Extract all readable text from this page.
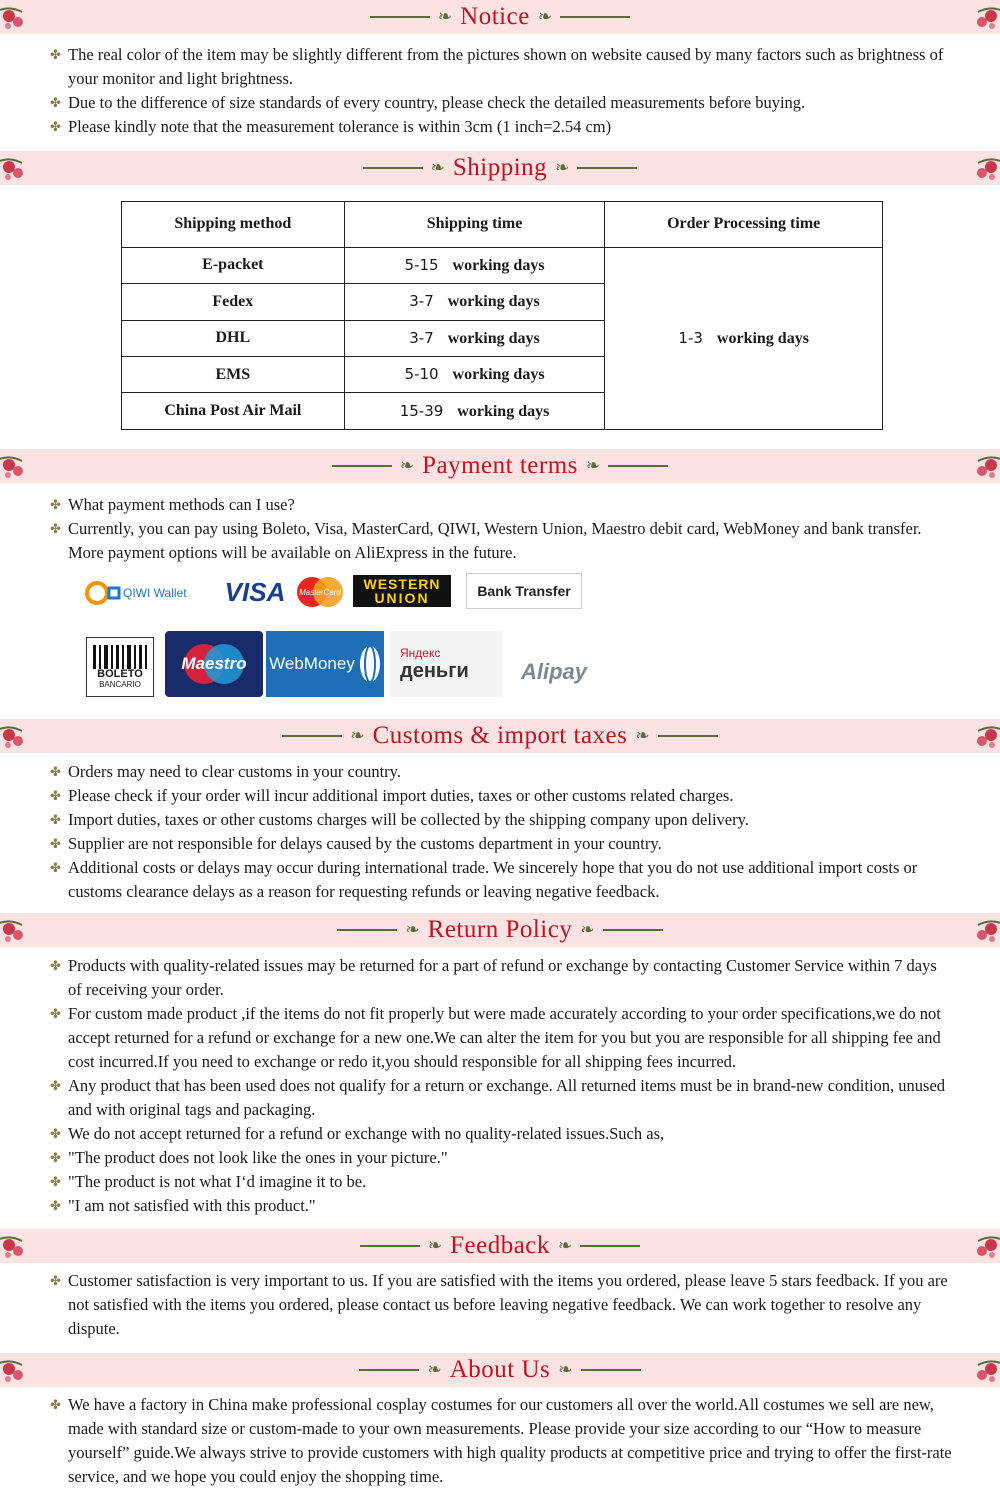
❧ Notice ❧
✤ The real color of the item may be slightly different from the pictures shown on website caused by many factors such as brightness of your monitor and light brightness.
✤ Due to the difference of size standards of every country, please check the detailed measurements before buying.
✤ Please kindly note that the measurement tolerance is within 3cm (1 inch=2.54 cm)
❧ Shipping ❧
Shipping method	Shipping time	Order Processing time
E-packet	5-15 working days	1-3 working days
Fedex	3-7 working days	
DHL	3-7 working days	
EMS	5-10 working days	
China Post Air Mail	15-39 working days	
❧ Payment terms ❧
✤ What payment methods can I use?
✤ Currently, you can pay using Boleto, Visa, MasterCard, QIWI, Western Union, Maestro debit card, WebMoney and bank transfer. More payment options will be available on AliExpress in the future.
QIWI Wallet VISA MasterCard WESTERN
UNION	Bank Transfer
BOLETO
BANCARIO
Maestro WebMoney
Яндекс
деньги Alipay
❧ Customs & import taxes ❧
✤ Orders may need to clear customs in your country.
✤ Please check if your order will incur additional import duties, taxes or other customs related charges.
✤ Import duties, taxes or other customs charges will be collected by the shipping company upon delivery.
✤ Supplier are not responsible for delays caused by the customs department in your country.
✤ Additional costs or delays may occur during international trade. We sincerely hope that you do not use additional import costs or customs clearance delays as a reason for requesting refunds or leaving negative feedback.
❧ Return Policy ❧
✤ Products with quality-related issues may be returned for a part of refund or exchange by contacting Customer Service within 7 days of receiving your order.
✤ For custom made product ,if the items do not fit properly but were made accurately according to your order specifications,we do not accept returned for a refund or exchange for a new one.We can alter the item for you but you are responsible for all shipping fee and cost incurred.If you need to exchange or redo it,you should responsible for all shipping fees incurred.
✤ Any product that has been used does not qualify for a return or exchange. All returned items must be in brand-new condition, unused and with original tags and packaging.
✤ We do not accept returned for a refund or exchange with no quality-related issues.Such as,
✤ "The product does not look like the ones in your picture."
✤ "The product is not what I‘d imagine it to be.
✤ "I am not satisfied with this product."
❧ Feedback ❧
✤ Customer satisfaction is very important to us. If you are satisfied with the items you ordered, please leave 5 stars feedback. If you are not satisfied with the items you ordered, please contact us before leaving negative feedback. We can work together to resolve any dispute.
❧ About Us ❧
✤ We have a factory in China make professional cosplay costumes for our customers all over the world.All costumes we sell are new, made with standard size or custom-made to your own measurements. Please provide your size according to our “How to measure yourself” guide.We always strive to provide customers with high quality products at competitive price and trying to offer the first-rate service, and we hope you could enjoy the shopping time.
